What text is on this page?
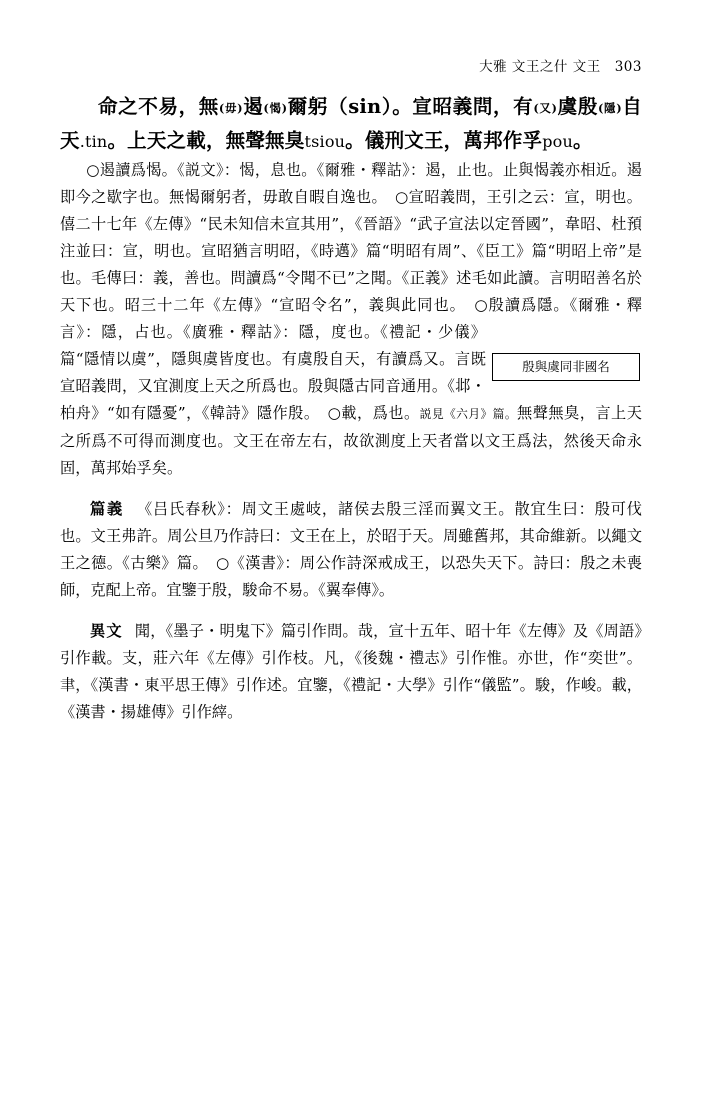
大雅 文王之什 文王 303

命之不易，無(毋)遏(愒)爾躬（sin）。宣昭義問，有(又)虞殷(隱)自天.tin。上天之載，無聲無臭tsiou。儀刑文王，萬邦作孚pou。

殷與虞同非國名

○遏讀爲愒。《説文》：愒，息也。《爾雅・釋詁》：遏，止也。止與愒義亦相近。遏即今之歇字也。無愒爾躬者，毋敢自暇自逸也。　○宣昭義問，王引之云：宣，明也。僖二十七年《左傳》“民未知信未宣其用”，《晉語》“武子宣法以定晉國”，韋昭、杜預注並曰：宣，明也。宣昭猶言明昭，《時邁》篇“明昭有周”、《臣工》篇“明昭上帝”是也。毛傳曰：義，善也。問讀爲“令聞不已”之聞。《正義》述毛如此讀。言明昭善名於天下也。昭三十二年《左傳》“宣昭令名”，義與此同也。　○殷讀爲隱。《爾雅・釋言》：隱，占也。《廣雅・釋詁》：隱，度也。《禮記・少儀》篇“隱情以虞”，隱與虞皆度也。有虞殷自天，有讀爲又。言既宣昭義問，又宜測度上天之所爲也。殷與隱古同音通用。《邶・柏舟》“如有隱憂”，《韓詩》隱作殷。　○載，爲也。説見《六月》篇。無聲無臭，言上天之所爲不可得而測度也。文王在帝左右，故欲測度上天者當以文王爲法，然後天命永固，萬邦始孚矣。

篇義 《吕氏春秋》：周文王處岐，諸侯去殷三淫而翼文王。散宜生曰：殷可伐也。文王弗許。周公旦乃作詩曰：文王在上，於昭于天。周雖舊邦，其命維新。以繩文王之德。《古樂》篇。　○《漢書》：周公作詩深戒成王，以恐失天下。詩曰：殷之未喪師，克配上帝。宜鑒于殷，駿命不易。《翼奉傳》。

異文 聞，《墨子・明鬼下》篇引作問。哉，宣十五年、昭十年《左傳》及《周語》引作載。支，莊六年《左傳》引作枝。凡，《後魏・禮志》引作惟。亦世，作“奕世”。聿，《漢書・東平思王傳》引作述。宜鑒，《禮記・大學》引作“儀監”。駿，作峻。載，《漢書・揚雄傳》引作縡。
